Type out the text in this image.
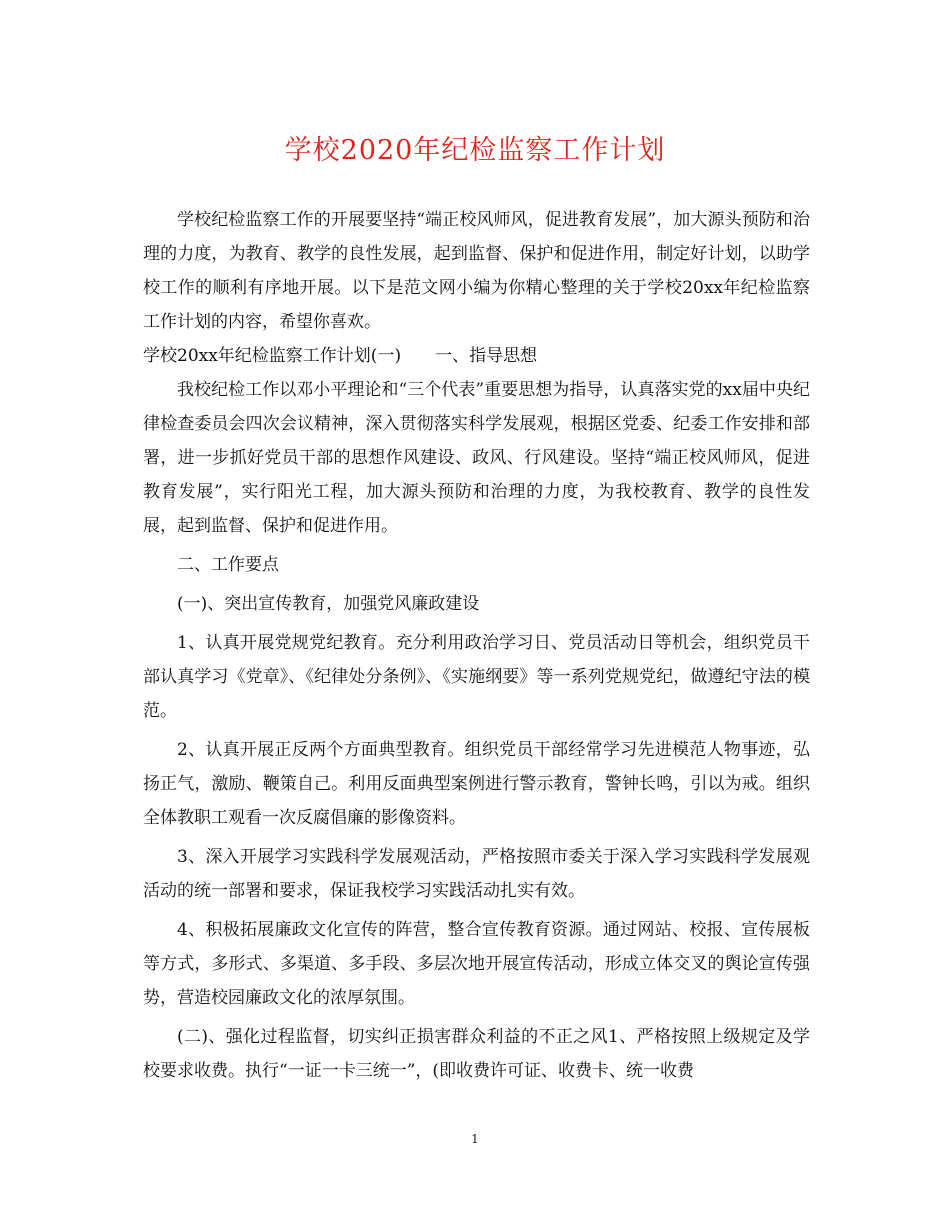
学校2020年纪检监察工作计划

学校纪检监察工作的开展要坚持“端正校风师风，促进教育发展”，加大源头预防和治理的力度，为教育、教学的良性发展，起到监督、保护和促进作用，制定好计划，以助学校工作的顺利有序地开展。以下是范文网小编为你精心整理的关于学校20xx年纪检监察工作计划的内容，希望你喜欢。

学校20xx年纪检监察工作计划(一)　　一、指导思想

我校纪检工作以邓小平理论和“三个代表”重要思想为指导，认真落实党的xx届中央纪律检查委员会四次会议精神，深入贯彻落实科学发展观，根据区党委、纪委工作安排和部署，进一步抓好党员干部的思想作风建设、政风、行风建设。坚持“端正校风师风，促进教育发展”，实行阳光工程，加大源头预防和治理的力度，为我校教育、教学的良性发展，起到监督、保护和促进作用。

二、工作要点

(一)、突出宣传教育，加强党风廉政建设

1、认真开展党规党纪教育。充分利用政治学习日、党员活动日等机会，组织党员干部认真学习《党章》、《纪律处分条例》、《实施纲要》等一系列党规党纪，做遵纪守法的模范。

2、认真开展正反两个方面典型教育。组织党员干部经常学习先进模范人物事迹，弘扬正气，激励、鞭策自己。利用反面典型案例进行警示教育，警钟长鸣，引以为戒。组织全体教职工观看一次反腐倡廉的影像资料。

3、深入开展学习实践科学发展观活动，严格按照市委关于深入学习实践科学发展观活动的统一部署和要求，保证我校学习实践活动扎实有效。

4、积极拓展廉政文化宣传的阵营，整合宣传教育资源。通过网站、校报、宣传展板等方式，多形式、多渠道、多手段、多层次地开展宣传活动，形成立体交叉的舆论宣传强势，营造校园廉政文化的浓厚氛围。

(二)、强化过程监督，切实纠正损害群众利益的不正之风1、严格按照上级规定及学校要求收费。执行“一证一卡三统一”，(即收费许可证、收费卡、统一收费

1
